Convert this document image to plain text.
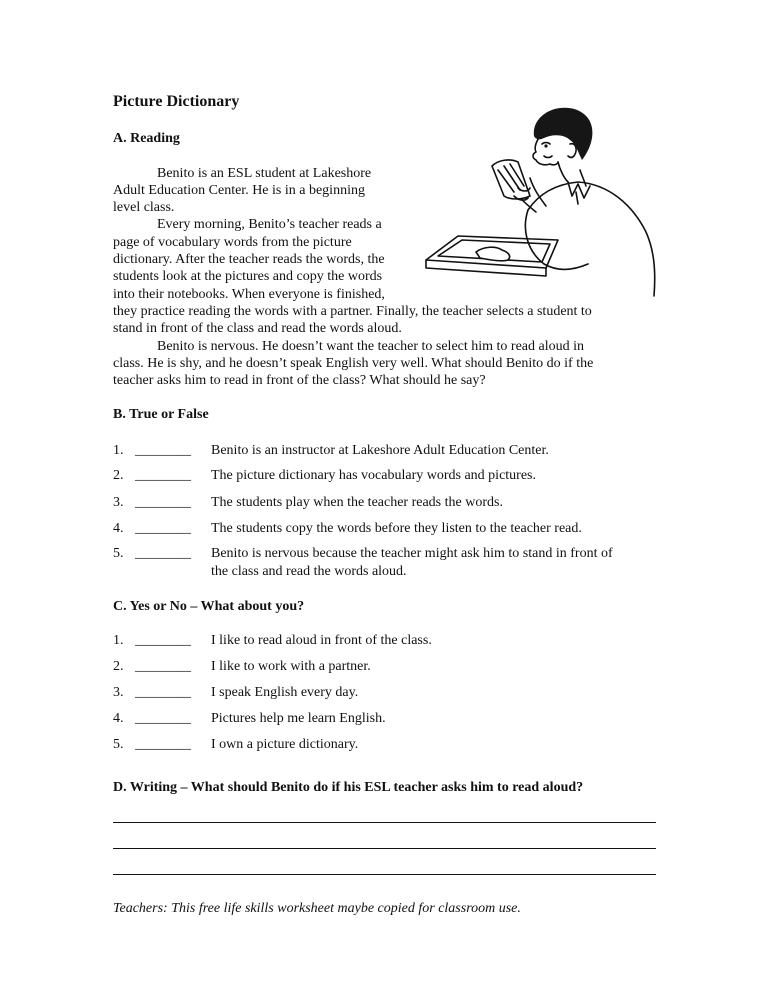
Picture Dictionary
A. Reading
Benito is an ESL student at Lakeshore
Adult Education Center. He is in a beginning
level class.
Every morning, Benito’s teacher reads a
page of vocabulary words from the picture
dictionary. After the teacher reads the words, the
students look at the pictures and copy the words
into their notebooks. When everyone is finished,
they practice reading the words with a partner. Finally, the teacher selects a student to
stand in front of the class and read the words aloud.
Benito is nervous. He doesn’t want the teacher to select him to read aloud in
class. He is shy, and he doesn’t speak English very well. What should Benito do if the
teacher asks him to read in front of the class? What should he say?
B. True or False
1. ________ Benito is an instructor at Lakeshore Adult Education Center.
2. ________ The picture dictionary has vocabulary words and pictures.
3. ________ The students play when the teacher reads the words.
4. ________ The students copy the words before they listen to the teacher read.
5. ________ Benito is nervous because the teacher might ask him to stand in front of
the class and read the words aloud.
C. Yes or No – What about you?
1. ________ I like to read aloud in front of the class.
2. ________ I like to work with a partner.
3. ________ I speak English every day.
4. ________ Pictures help me learn English.
5. ________ I own a picture dictionary.
D. Writing – What should Benito do if his ESL teacher asks him to read aloud?
Teachers: This free life skills worksheet maybe copied for classroom use.
